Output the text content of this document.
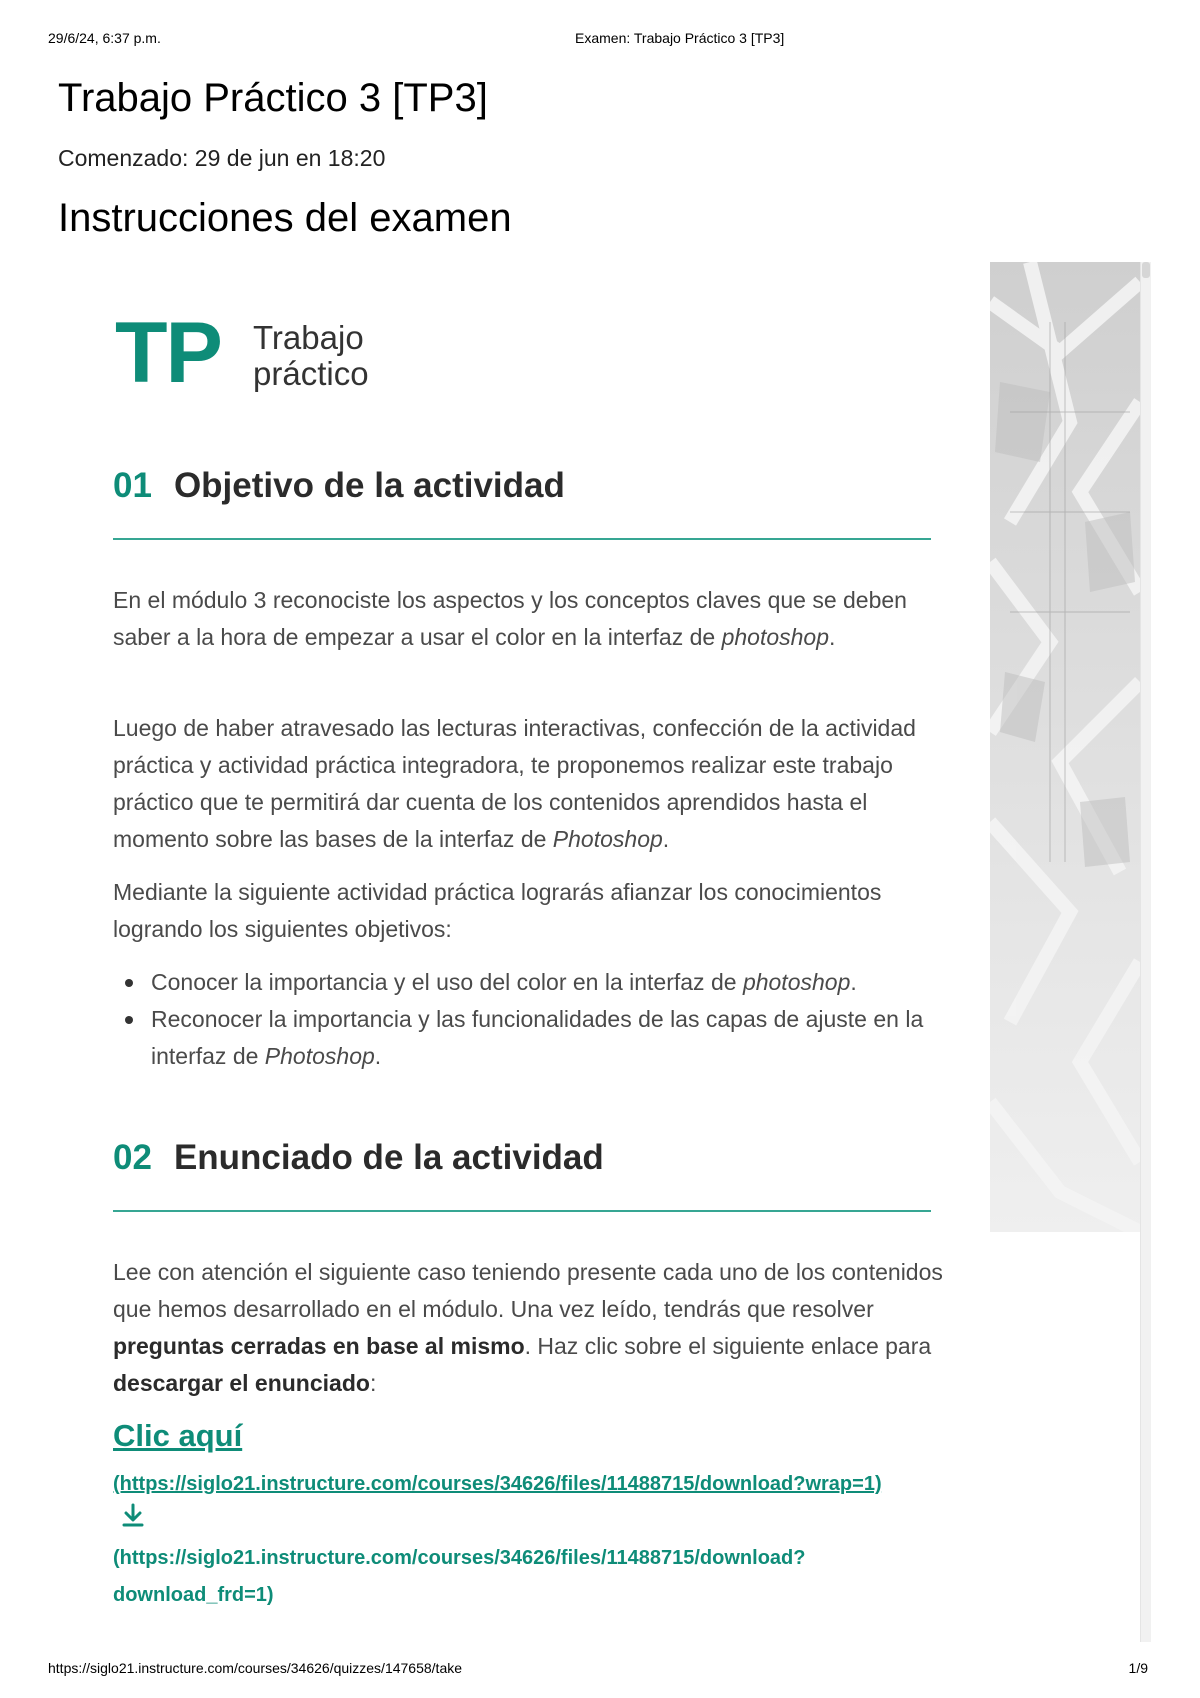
29/6/24, 6:37 p.m.	Examen: Trabajo Práctico 3 [TP3]
Trabajo Práctico 3 [TP3]
Comenzado: 29 de jun en 18:20
Instrucciones del examen
TP Trabajo
práctico
01 Objetivo de la actividad

En el módulo 3 reconociste los aspectos y los conceptos claves que se deben saber a la hora de empezar a usar el color en la interfaz de photoshop.

Luego de haber atravesado las lecturas interactivas, confección de la actividad práctica y actividad práctica integradora, te proponemos realizar este trabajo práctico que te permitirá dar cuenta de los contenidos aprendidos hasta el momento sobre las bases de la interfaz de Photoshop.

Mediante la siguiente actividad práctica lograrás afianzar los conocimientos logrando los siguientes objetivos:

Conocer la importancia y el uso del color en la interfaz de photoshop.
Reconocer la importancia y las funcionalidades de las capas de ajuste en la interfaz de Photoshop.
02 Enunciado de la actividad

Lee con atención el siguiente caso teniendo presente cada uno de los contenidos que hemos desarrollado en el módulo. Una vez leído, tendrás que resolver preguntas cerradas en base al mismo. Haz clic sobre el siguiente enlace para descargar el enunciado:

Clic aquí
(https://siglo21.instructure.com/courses/34626/files/11488715/download?wrap=1)
(https://siglo21.instructure.com/courses/34626/files/11488715/download?download_frd=1)
https://siglo21.instructure.com/courses/34626/quizzes/147658/take	1/9
